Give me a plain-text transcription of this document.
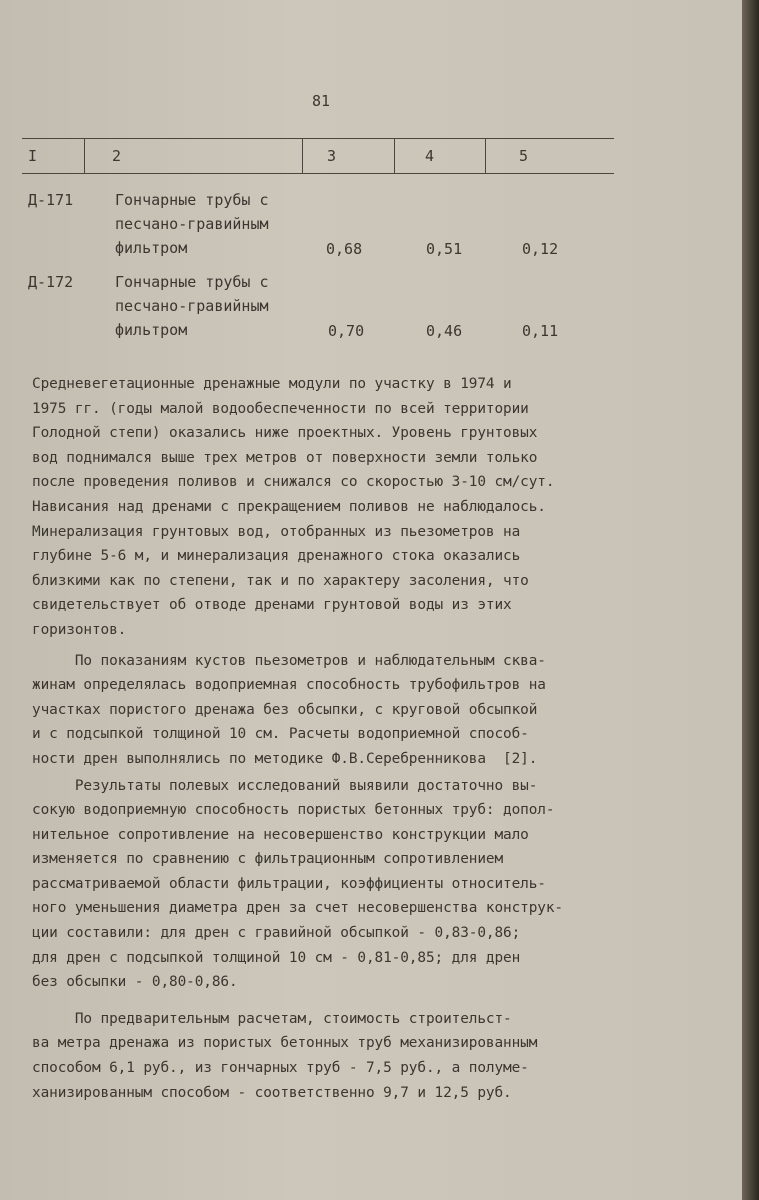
81
I	2	3	4	5
Д-171	Гончарные трубы с
песчано-гравийным
фильтром	0,68	0,51	0,12
Д-172	Гончарные трубы с
песчано-гравийным
фильтром	0,70	0,46	0,11

Средневегетационные дренажные модули по участку в 1974 и
1975 гг. (годы малой водообеспеченности по всей территории
Голодной степи) оказались ниже проектных. Уровень грунтовых
вод поднимался выше трех метров от поверхности земли только
после проведения поливов и снижался со скоростью 3-10 см/сут.
Нависания над дренами с прекращением поливов не наблюдалось.
Минерализация грунтовых вод, отобранных из пьезометров на
глубине 5-6 м, и минерализация дренажного стока оказались
близкими как по степени, так и по характеру засоления, что
свидетельствует об отводе дренами грунтовой воды из этих
горизонтов.

По показаниям кустов пьезометров и наблюдательным сква-
жинам определялась водоприемная способность трубофильтров на
участках пористого дренажа без обсыпки, с круговой обсыпкой
и с подсыпкой толщиной 10 см. Расчеты водоприемной способ-
ности дрен выполнялись по методике Ф.В.Серебренникова  [2].

Результаты полевых исследований выявили достаточно вы-
сокую водоприемную способность пористых бетонных труб: допол-
нительное сопротивление на несовершенство конструкции мало
изменяется по сравнению с фильтрационным сопротивлением
рассматриваемой области фильтрации, коэффициенты относитель-
ного уменьшения диаметра дрен за счет несовершенства конструк-
ции составили: для дрен с гравийной обсыпкой - 0,83-0,86;
для дрен с подсыпкой толщиной 10 см - 0,81-0,85; для дрен
без обсыпки - 0,80-0,86.

По предварительным расчетам, стоимость строительст-
ва метра дренажа из пористых бетонных труб механизированным
способом 6,1 руб., из гончарных труб - 7,5 руб., а полуме-
ханизированным способом - соответственно 9,7 и 12,5 руб.
